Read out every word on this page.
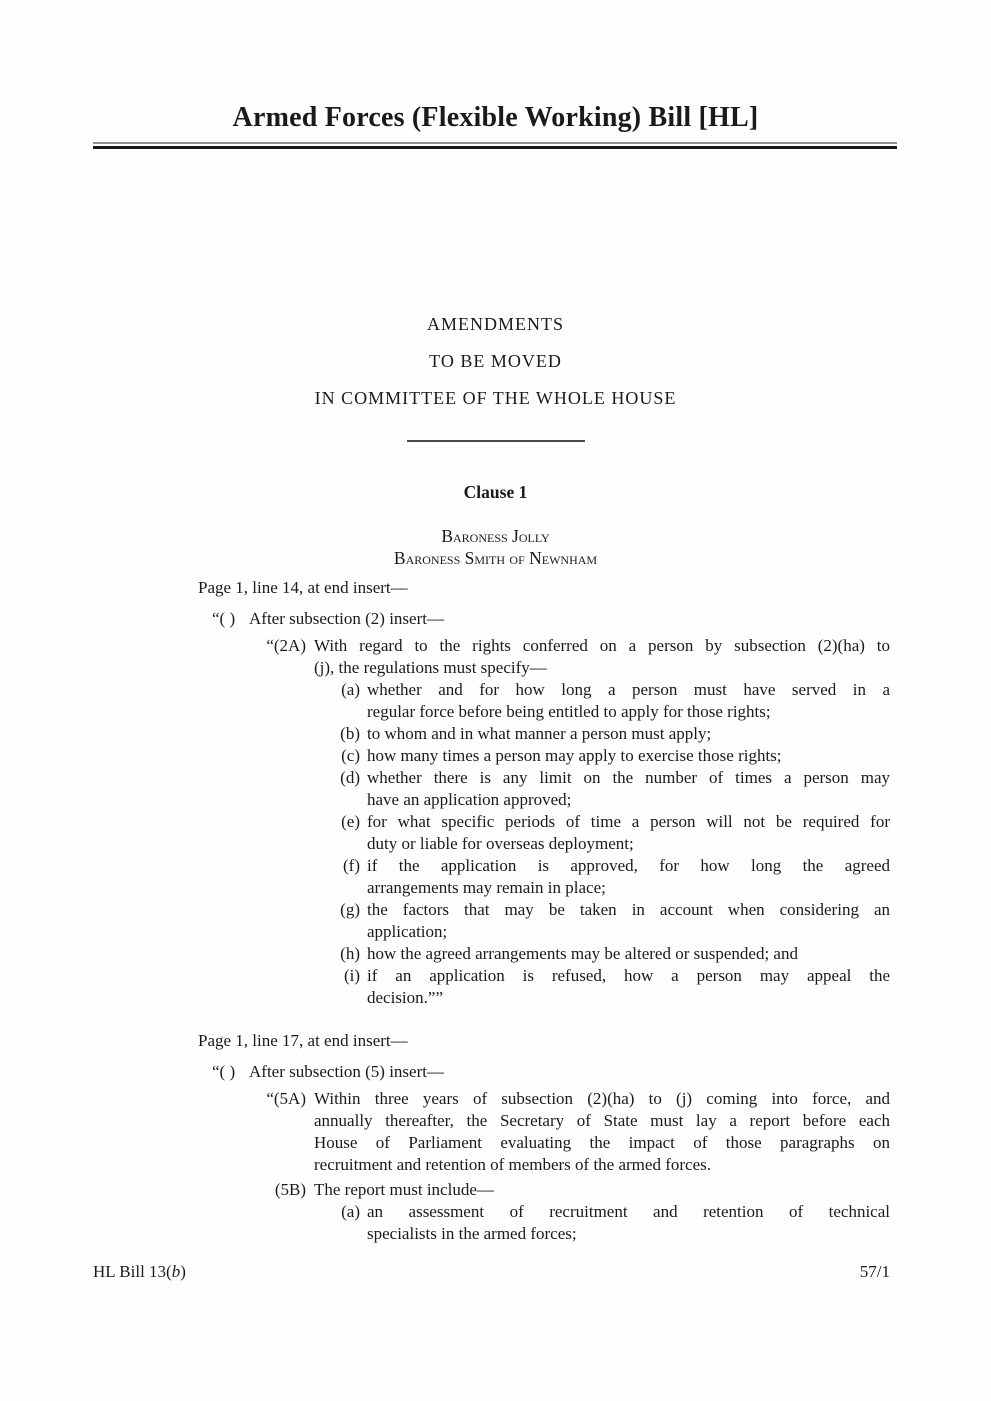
Armed Forces (Flexible Working) Bill [HL]
AMENDMENTS
TO BE MOVED
IN COMMITTEE OF THE WHOLE HOUSE
Clause 1
Baroness Jolly
Baroness Smith of Newnham
Page 1, line 14, at end insert—
“( ) After subsection (2) insert—
“(2A) With regard to the rights conferred on a person by subsection (2)(ha) to
(j), the regulations must specify—
(a) whether and for how long a person must have served in a
regular force before being entitled to apply for those rights;
(b) to whom and in what manner a person must apply;
(c) how many times a person may apply to exercise those rights;
(d) whether there is any limit on the number of times a person may
have an application approved;
(e) for what specific periods of time a person will not be required for
duty or liable for overseas deployment;
(f) if the application is approved, for how long the agreed
arrangements may remain in place;
(g) the factors that may be taken in account when considering an
application;
(h) how the agreed arrangements may be altered or suspended; and
(i) if an application is refused, how a person may appeal the
decision.””
Page 1, line 17, at end insert—
“( ) After subsection (5) insert—
“(5A) Within three years of subsection (2)(ha) to (j) coming into force, and
annually thereafter, the Secretary of State must lay a report before each
House of Parliament evaluating the impact of those paragraphs on
recruitment and retention of members of the armed forces.
(5B) The report must include—
(a) an assessment of recruitment and retention of technical
specialists in the armed forces;
HL Bill 13(b)	57/1
